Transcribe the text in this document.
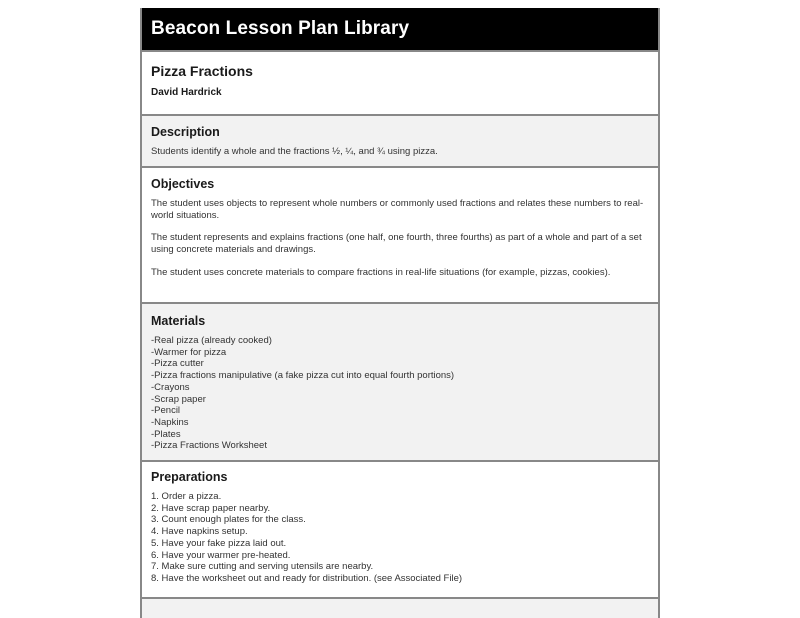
Beacon Lesson Plan Library
Pizza Fractions
David Hardrick
Description
Students identify a whole and the fractions ½, ¼, and ¾ using pizza.
Objectives

The student uses objects to represent whole numbers or commonly used fractions and relates these numbers to real-world situations.

The student represents and explains fractions (one half, one fourth, three fourths) as part of a whole and part of a set using concrete materials and drawings.

The student uses concrete materials to compare fractions in real-life situations (for example, pizzas, cookies).

Materials
-Real pizza (already cooked)
-Warmer for pizza
-Pizza cutter
-Pizza fractions manipulative (a fake pizza cut into equal fourth portions)
-Crayons
-Scrap paper
-Pencil
-Napkins
-Plates
-Pizza Fractions Worksheet
Preparations
1. Order a pizza.
2. Have scrap paper nearby.
3. Count enough plates for the class.
4. Have napkins setup.
5. Have your fake pizza laid out.
6. Have your warmer pre-heated.
7. Make sure cutting and serving utensils are nearby.
8. Have the worksheet out and ready for distribution. (see Associated File)
